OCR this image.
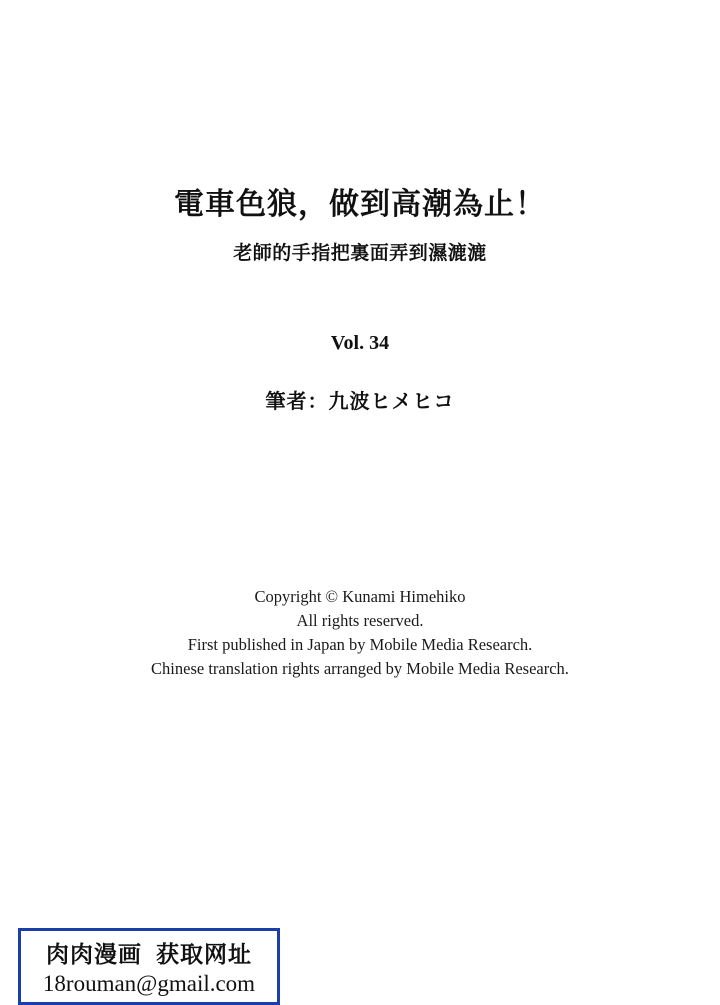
電車色狼，做到高潮為止！
老師的手指把裏面弄到濕漉漉
Vol. 34
筆者：九波ヒメヒコ
Copyright © Kunami Himehiko
All rights reserved.
First published in Japan by Mobile Media Research.
Chinese translation rights arranged by Mobile Media Research.
肉肉漫画 获取网址
18rouman@gmail.com
